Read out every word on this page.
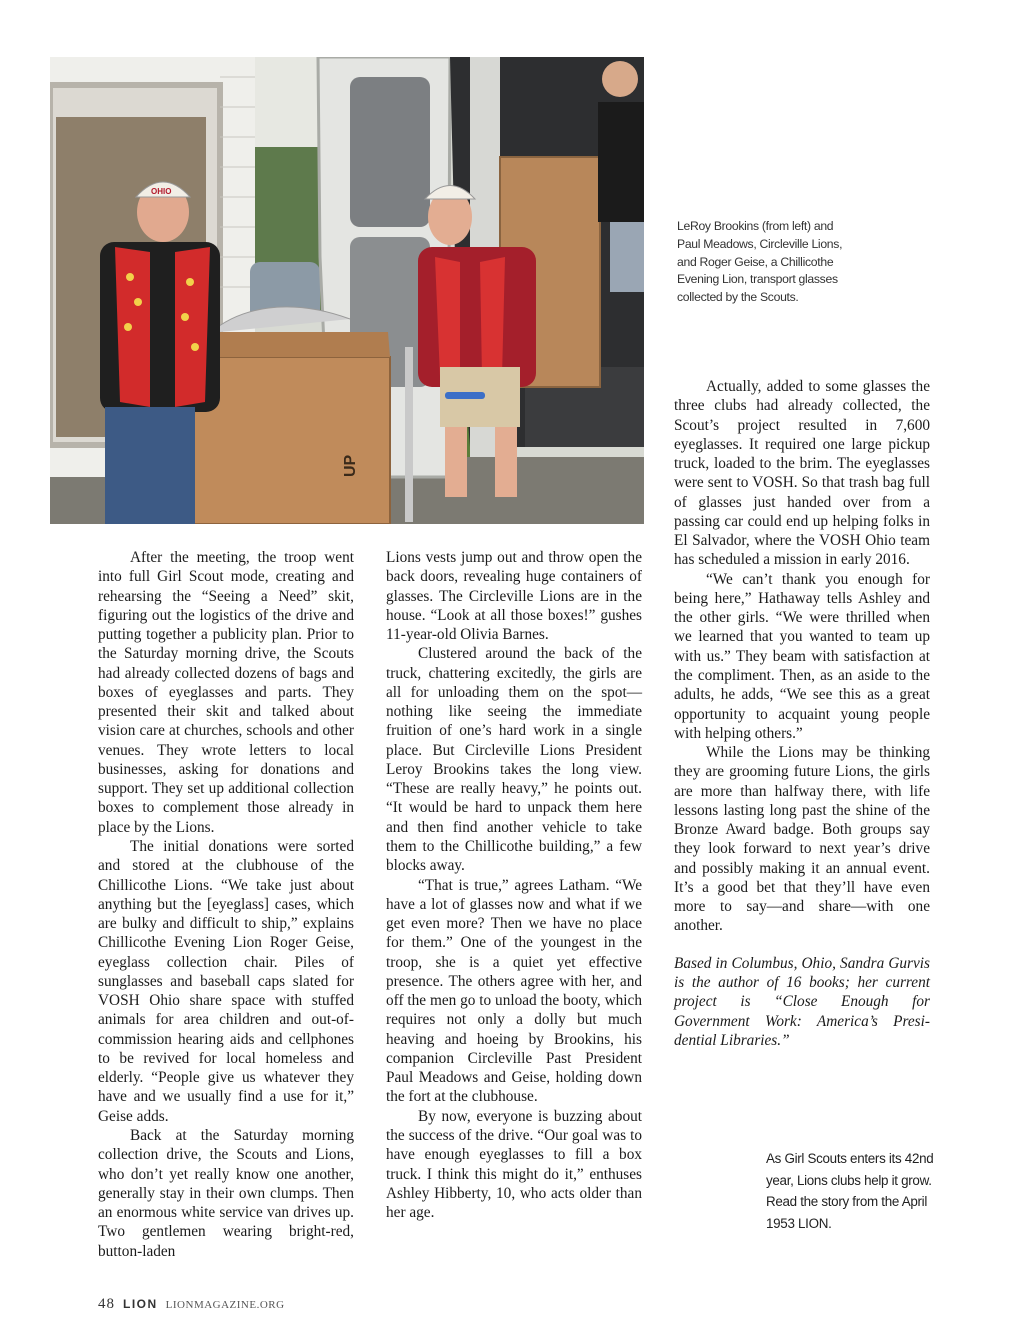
UP
OHIO
LeRoy Brookins (from left) and Paul Meadows, Circleville Lions, and Roger Geise, a Chillicothe Evening Lion, transport glasses collected by the Scouts.

After the meeting, the troop went into full Girl Scout mode, creating and rehearsing the “Seeing a Need” skit, figuring out the logistics of the drive and putting together a publicity plan. Prior to the Saturday morning drive, the Scouts had already collected dozens of bags and boxes of eyeglasses and parts. They presented their skit and talked about vision care at churches, schools and other venues. They wrote letters to local businesses, asking for donations and support. They set up additional collection boxes to complement those already in place by the Lions.

The initial donations were sorted and stored at the clubhouse of the Chillicothe Lions. “We take just about anything but the [eyeglass] cases, which are bulky and difficult to ship,” explains Chillicothe Evening Lion Roger Geise, eyeglass collection chair. Piles of sunglasses and baseball caps slated for VOSH Ohio share space with stuffed animals for area children and out-of-commission hearing aids and cellphones to be revived for local homeless and elderly. “People give us whatever they have and we usually find a use for it,” Geise adds.

Back at the Saturday morning collection drive, the Scouts and Lions, who don’t yet really know one another, generally stay in their own clumps. Then an enormous white service van drives up. Two gentlemen wearing bright-red, button-laden

Lions vests jump out and throw open the back doors, revealing huge containers of glasses. The Circleville Lions are in the house. “Look at all those boxes!” gushes 11-year-old Olivia Barnes.

Clustered around the back of the truck, chattering excitedly, the girls are all for unloading them on the spot—nothing like seeing the immediate fruition of one’s hard work in a single place. But Circleville Lions President Leroy Brookins takes the long view. “These are really heavy,” he points out. “It would be hard to unpack them here and then find another vehicle to take them to the Chillicothe building,” a few blocks away.

“That is true,” agrees Latham. “We have a lot of glasses now and what if we get even more? Then we have no place for them.” One of the youngest in the troop, she is a quiet yet effective presence. The others agree with her, and off the men go to unload the booty, which requires not only a dolly but much heaving and hoeing by Brookins, his companion Circleville Past President Paul Meadows and Geise, holding down the fort at the clubhouse.

By now, everyone is buzzing about the success of the drive. “Our goal was to have enough eyeglasses to fill a box truck. I think this might do it,” enthuses Ashley Hibberty, 10, who acts older than her age.

Actually, added to some glasses the three clubs had already collected, the Scout’s project resulted in 7,600 eyeglasses. It required one large pickup truck, loaded to the brim. The eyeglasses were sent to VOSH. So that trash bag full of glasses just handed over from a passing car could end up helping folks in El Salvador, where the VOSH Ohio team has scheduled a mission in early 2016.

“We can’t thank you enough for being here,” Hathaway tells Ashley and the other girls. “We were thrilled when we learned that you wanted to team up with us.” They beam with satisfaction at the compliment. Then, as an aside to the adults, he adds, “We see this as a great opportunity to acquaint young people with helping others.”

While the Lions may be thinking they are grooming future Lions, the girls are more than halfway there, with life lessons lasting long past the shine of the Bronze Award badge. Both groups say they look forward to next year’s drive and possibly making it an annual event. It’s a good bet that they’ll have even more to say—and share—with one another.

Based in Columbus, Ohio, Sandra Gurvis is the author of 16 books; her current project is “Close Enough for Government Work: America’s Presidential Libraries.”

As Girl Scouts enters its 42nd year, Lions clubs help it grow. Read the story from the April 1953 LION.
48 LION LIONMAGAZINE.ORG
